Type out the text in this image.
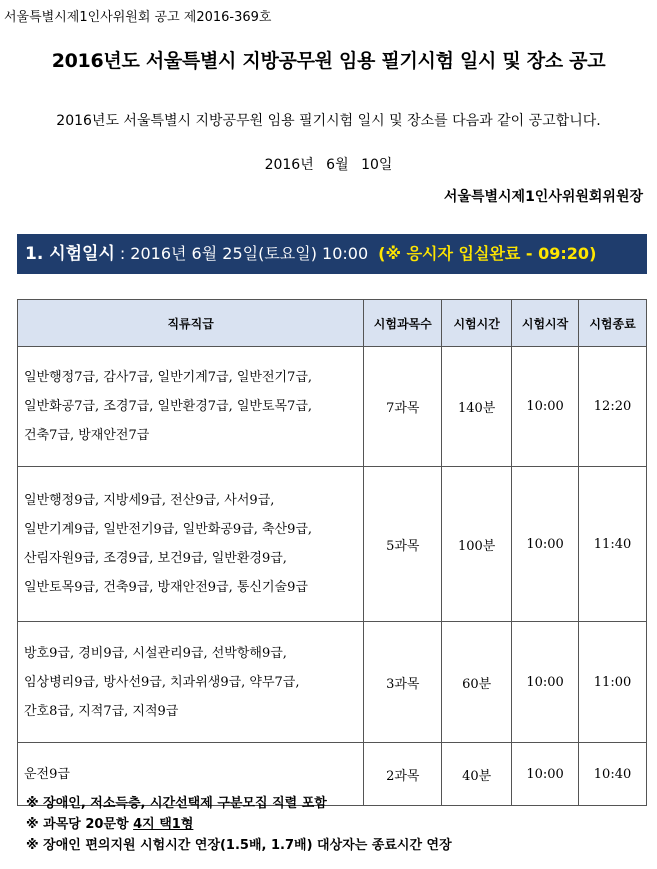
서울특별시제1인사위원회 공고 제2016-369호
2016년도 서울특별시 지방공무원 임용 필기시험 일시 및 장소 공고
2016년도 서울특별시 지방공무원 임용 필기시험 일시 및 장소를 다음과 같이 공고합니다.
2016년 6월 10일
서울특별시제1인사위원회위원장
1. 시험일시 : 2016년 6월 25일(토요일) 10:00 (※ 응시자 입실완료 - 09:20)
직류직급	시험과목수	시험시간	시험시작	시험종료

일반행정7급, 감사7급, 일반기계7급, 일반전기7급,
일반화공7급, 조경7급, 일반환경7급, 일반토목7급,
건축7급, 방재안전7급	7과목	140분	10:00	12:20

일반행정9급, 지방세9급, 전산9급, 사서9급,
일반기계9급, 일반전기9급, 일반화공9급, 축산9급,
산림자원9급, 조경9급, 보건9급, 일반환경9급,
일반토목9급, 건축9급, 방재안전9급, 통신기술9급	5과목	100분	10:00	11:40

방호9급, 경비9급, 시설관리9급, 선박항해9급,
임상병리9급, 방사선9급, 치과위생9급, 약무7급,
간호8급, 지적7급, 지적9급	3과목	60분	10:00	11:00

운전9급	2과목	40분	10:00	10:40
※ 장애인, 저소득층, 시간선택제 구분모집 직렬 포함
※ 과목당 20문항 4지 택1형
※ 장애인 편의지원 시험시간 연장(1.5배, 1.7배) 대상자는 종료시간 연장
